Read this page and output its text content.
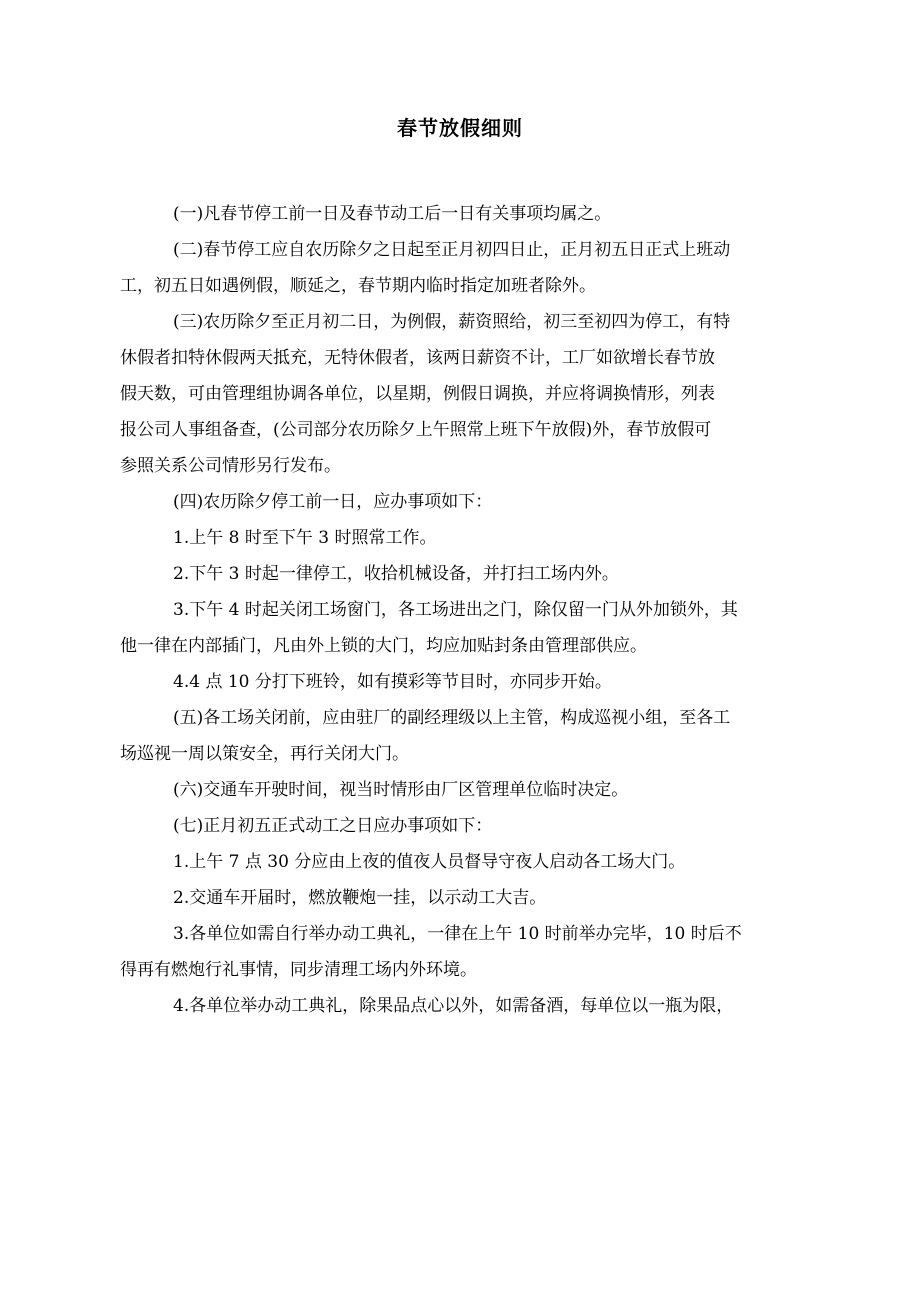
春节放假细则

(一)凡春节停工前一日及春节动工后一日有关事项均属之。

(二)春节停工应自农历除夕之日起至正月初四日止，正月初五日正式上班动
工，初五日如遇例假，顺延之，春节期内临时指定加班者除外。

(三)农历除夕至正月初二日，为例假，薪资照给，初三至初四为停工，有特
休假者扣特休假两天抵充，无特休假者，该两日薪资不计，工厂如欲增长春节放
假天数，可由管理组协调各单位，以星期，例假日调换，并应将调换情形，列表
报公司人事组备查，(公司部分农历除夕上午照常上班下午放假)外，春节放假可
参照关系公司情形另行发布。

(四)农历除夕停工前一日，应办事项如下：

1.上午 8 时至下午 3 时照常工作。

2.下午 3 时起一律停工，收拾机械设备，并打扫工场内外。

3.下午 4 时起关闭工场窗门，各工场进出之门，除仅留一门从外加锁外，其
他一律在内部插门，凡由外上锁的大门，均应加贴封条由管理部供应。

4.4 点 10 分打下班铃，如有摸彩等节目时，亦同步开始。

(五)各工场关闭前，应由驻厂的副经理级以上主管，构成巡视小组，至各工
场巡视一周以策安全，再行关闭大门。

(六)交通车开驶时间，视当时情形由厂区管理单位临时决定。

(七)正月初五正式动工之日应办事项如下：

1.上午 7 点 30 分应由上夜的值夜人员督导守夜人启动各工场大门。

2.交通车开届时，燃放鞭炮一挂，以示动工大吉。

3.各单位如需自行举办动工典礼，一律在上午 10 时前举办完毕，10 时后不
得再有燃炮行礼事情，同步清理工场内外环境。

4.各单位举办动工典礼，除果品点心以外，如需备酒，每单位以一瓶为限，
